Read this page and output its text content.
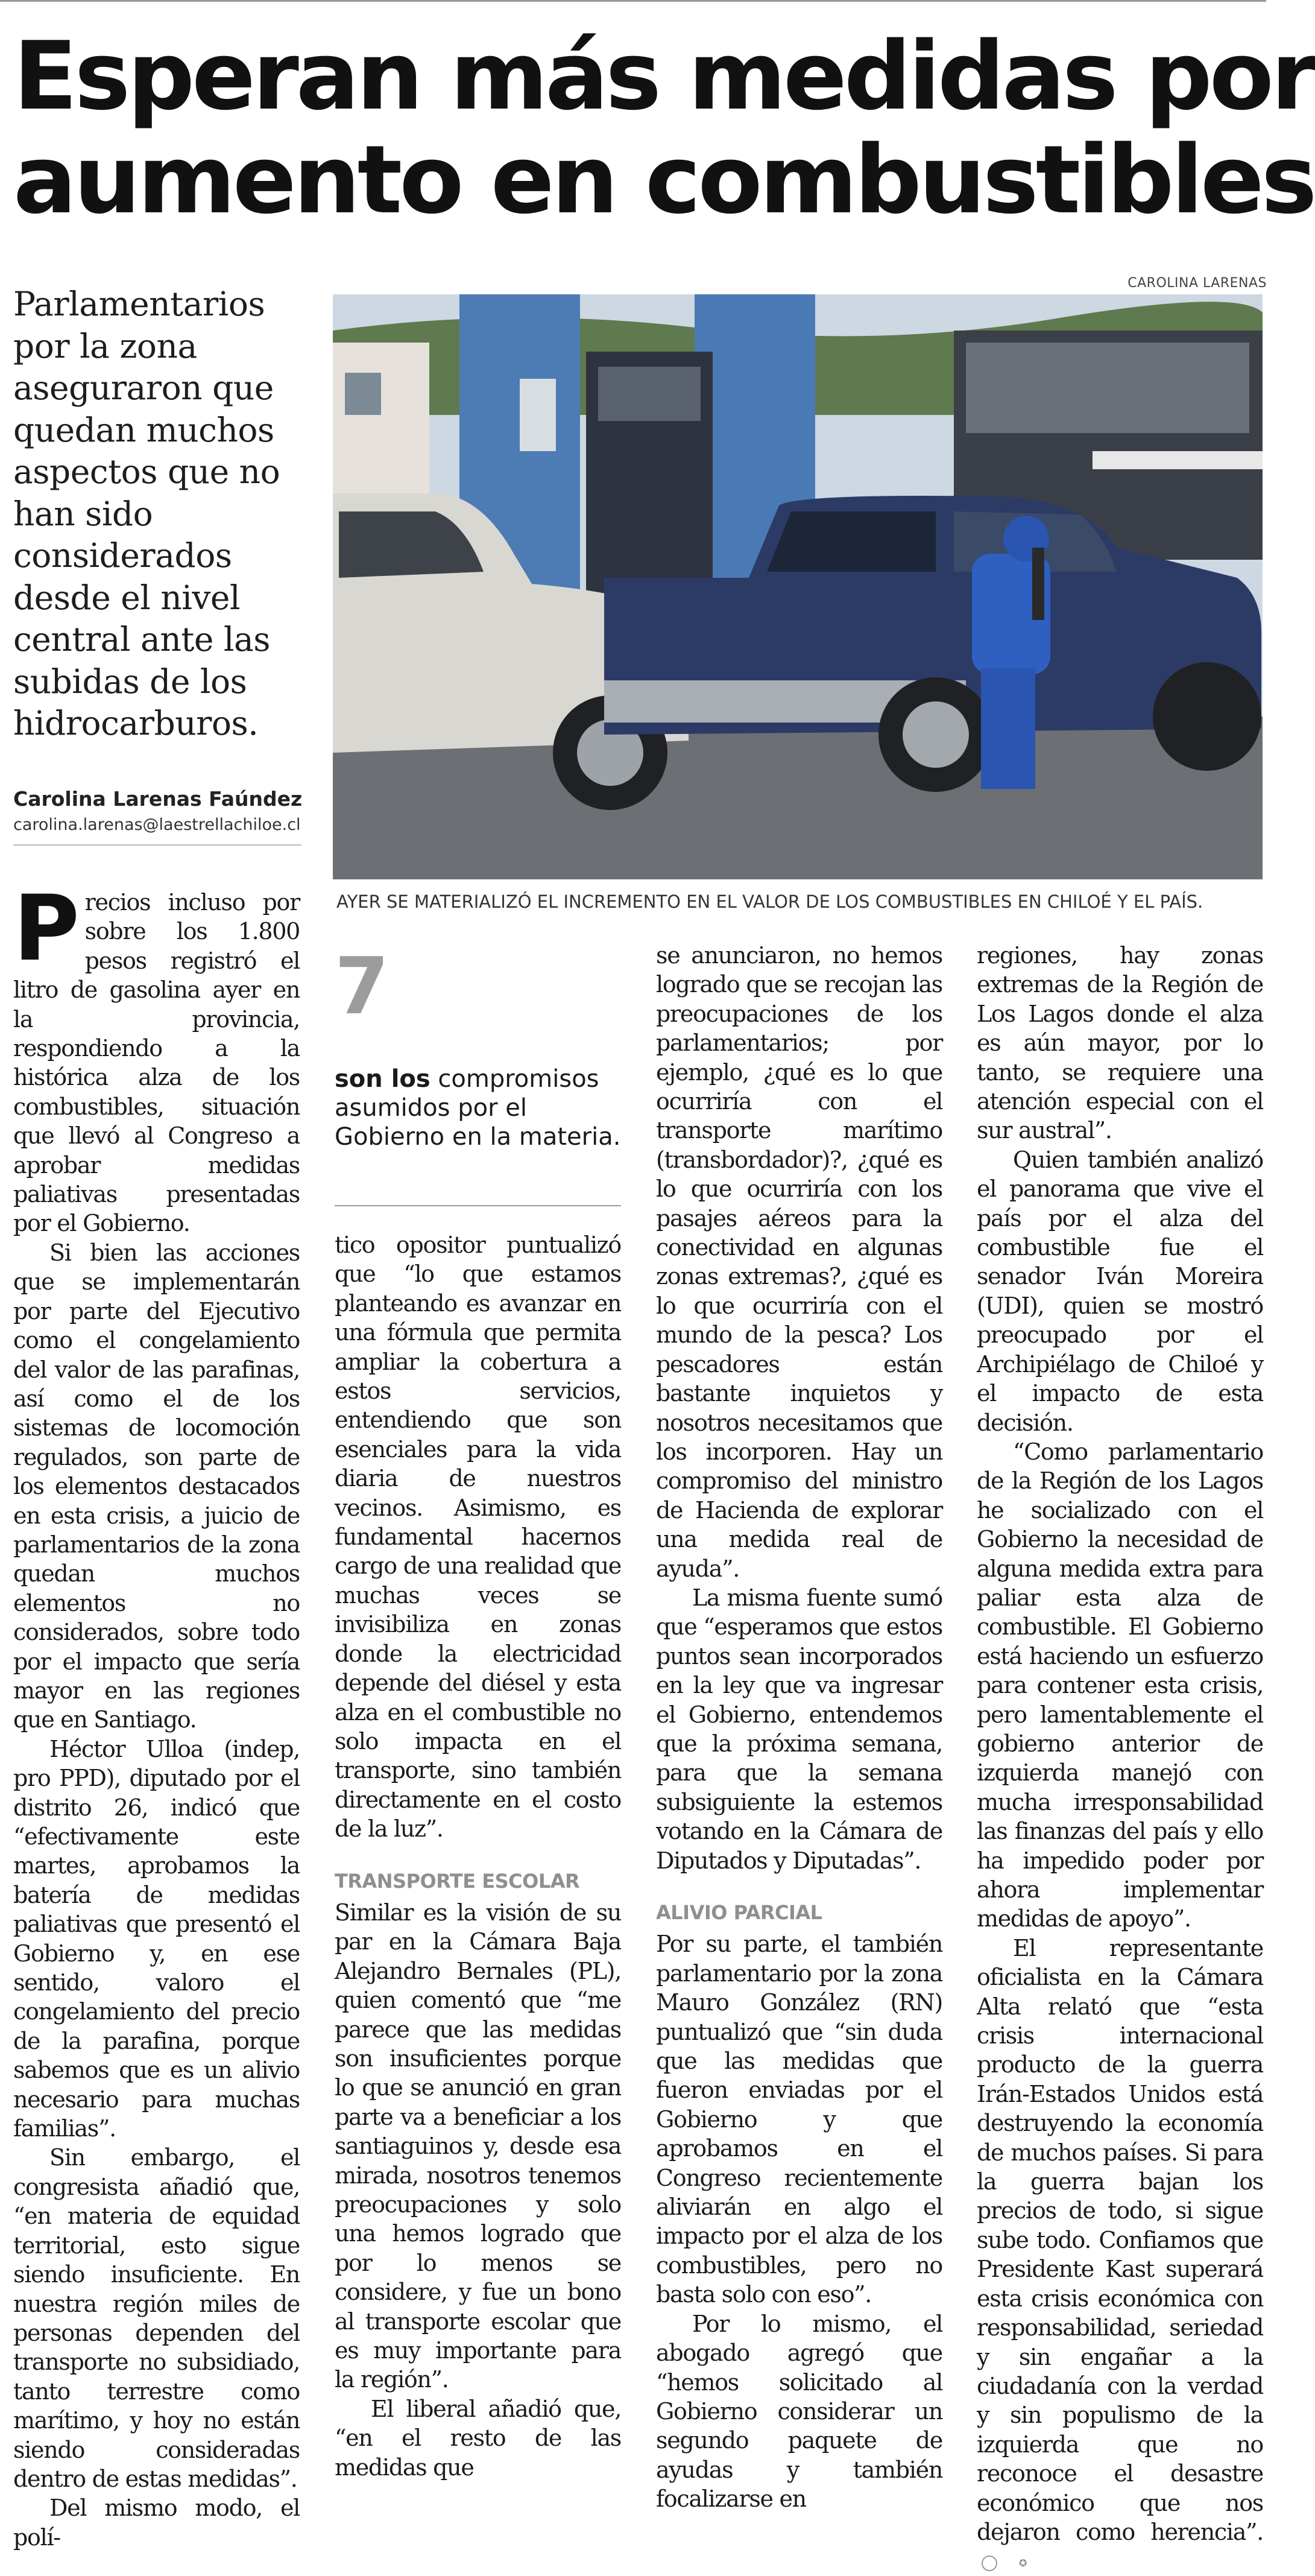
Esperan más medidas por
aumento en combustibles
Parlamentarios
por la zona
aseguraron que
quedan muchos
aspectos que no
han sido
considerados
desde el nivel
central ante las
subidas de los
hidrocarburos.
Carolina Larenas Faúndez
carolina.larenas@laestrellachiloe.cl
CAROLINA LARENAS
AYER SE MATERIALIZÓ EL INCREMENTO EN EL VALOR DE LOS COMBUSTIBLES EN CHILOÉ Y EL PAÍS.

P recios incluso por sobre los 1.800 pesos registró el litro de gasolina ayer en la provincia, respondiendo a la histórica alza de los combustibles, situación que llevó al Congreso a aprobar medidas paliativas presentadas por el Gobierno.

Si bien las acciones que se implementarán por parte del Ejecutivo como el congelamiento del valor de las parafinas, así como el de los sistemas de locomoción regulados, son parte de los elementos destacados en esta crisis, a juicio de parlamentarios de la zona quedan muchos elementos no considerados, sobre todo por el impacto que sería mayor en las regiones que en Santiago.

Héctor Ulloa (indep, pro PPD), diputado por el distrito 26, indicó que “efectivamente este martes, aprobamos la batería de medidas paliativas que presentó el Gobierno y, en ese sentido, valoro el congelamiento del precio de la parafina, porque sabemos que es un alivio necesario para muchas familias”.

Sin embargo, el congresista añadió que, “en materia de equidad territorial, esto sigue siendo insuficiente. En nuestra región miles de personas dependen del transporte no subsidiado, tanto terrestre como marítimo, y hoy no están siendo consideradas dentro de estas medidas”.

Del mismo modo, el polí-

7
son los compromisos asumidos por el Gobierno en la materia.

tico opositor puntualizó que “lo que estamos planteando es avanzar en una fórmula que permita ampliar la cobertura a estos servicios, entendiendo que son esenciales para la vida diaria de nuestros vecinos. Asimismo, es fundamental hacernos cargo de una realidad que muchas veces se invisibiliza en zonas donde la electricidad depende del diésel y esta alza en el combustible no solo impacta en el transporte, sino también directamente en el costo de la luz”.

TRANSPORTE ESCOLAR

Similar es la visión de su par en la Cámara Baja Alejandro Bernales (PL), quien comentó que “me parece que las medidas son insuficientes porque lo que se anunció en gran parte va a beneficiar a los santiaguinos y, desde esa mirada, nosotros tenemos preocupaciones y solo una hemos logrado que por lo menos se considere, y fue un bono al transporte escolar que es muy importante para la región”.

El liberal añadió que, “en el resto de las medidas que

se anunciaron, no hemos logrado que se recojan las preocupaciones de los parlamentarios; por ejemplo, ¿qué es lo que ocurriría con el transporte marítimo (transbordador)?, ¿qué es lo que ocurriría con los pasajes aéreos para la conectividad en algunas zonas extremas?, ¿qué es lo que ocurriría con el mundo de la pesca? Los pescadores están bastante inquietos y nosotros necesitamos que los incorporen. Hay un compromiso del ministro de Hacienda de explorar una medida real de ayuda”.

La misma fuente sumó que “esperamos que estos puntos sean incorporados en la ley que va ingresar el Gobierno, entendemos que la próxima semana, para que la semana subsiguiente la estemos votando en la Cámara de Diputados y Diputadas”.

ALIVIO PARCIAL

Por su parte, el también parlamentario por la zona Mauro González (RN) puntualizó que “sin duda que las medidas que fueron enviadas por el Gobierno y que aprobamos en el Congreso recientemente aliviarán en algo el impacto por el alza de los combustibles, pero no basta solo con eso”.

Por lo mismo, el abogado agregó que “hemos solicitado al Gobierno considerar un segundo paquete de ayudas y también focalizarse en

regiones, hay zonas extremas de la Región de Los Lagos donde el alza es aún mayor, por lo tanto, se requiere una atención especial con el sur austral”.

Quien también analizó el panorama que vive el país por el alza del combustible fue el senador Iván Moreira (UDI), quien se mostró preocupado por el Archipiélago de Chiloé y el impacto de esta decisión.

“Como parlamentario de la Región de los Lagos he socializado con el Gobierno la necesidad de alguna medida extra para paliar esta alza de combustible. El Gobierno está haciendo un esfuerzo para contener esta crisis, pero lamentablemente el gobierno anterior de izquierda manejó con mucha irresponsabilidad las finanzas del país y ello ha impedido poder por ahora implementar medidas de apoyo”.

El representante oficialista en la Cámara Alta relató que “esta crisis internacional producto de la guerra Irán-Estados Unidos está destruyendo la economía de muchos países. Si para la guerra bajan los precios de todo, si sigue sube todo. Confiamos que Presidente Kast superará esta crisis económica con responsabilidad, seriedad y sin engañar a la ciudadanía con la verdad y sin populismo de la izquierda que no reconoce el desastre económico que nos dejaron como herencia”. ✪
